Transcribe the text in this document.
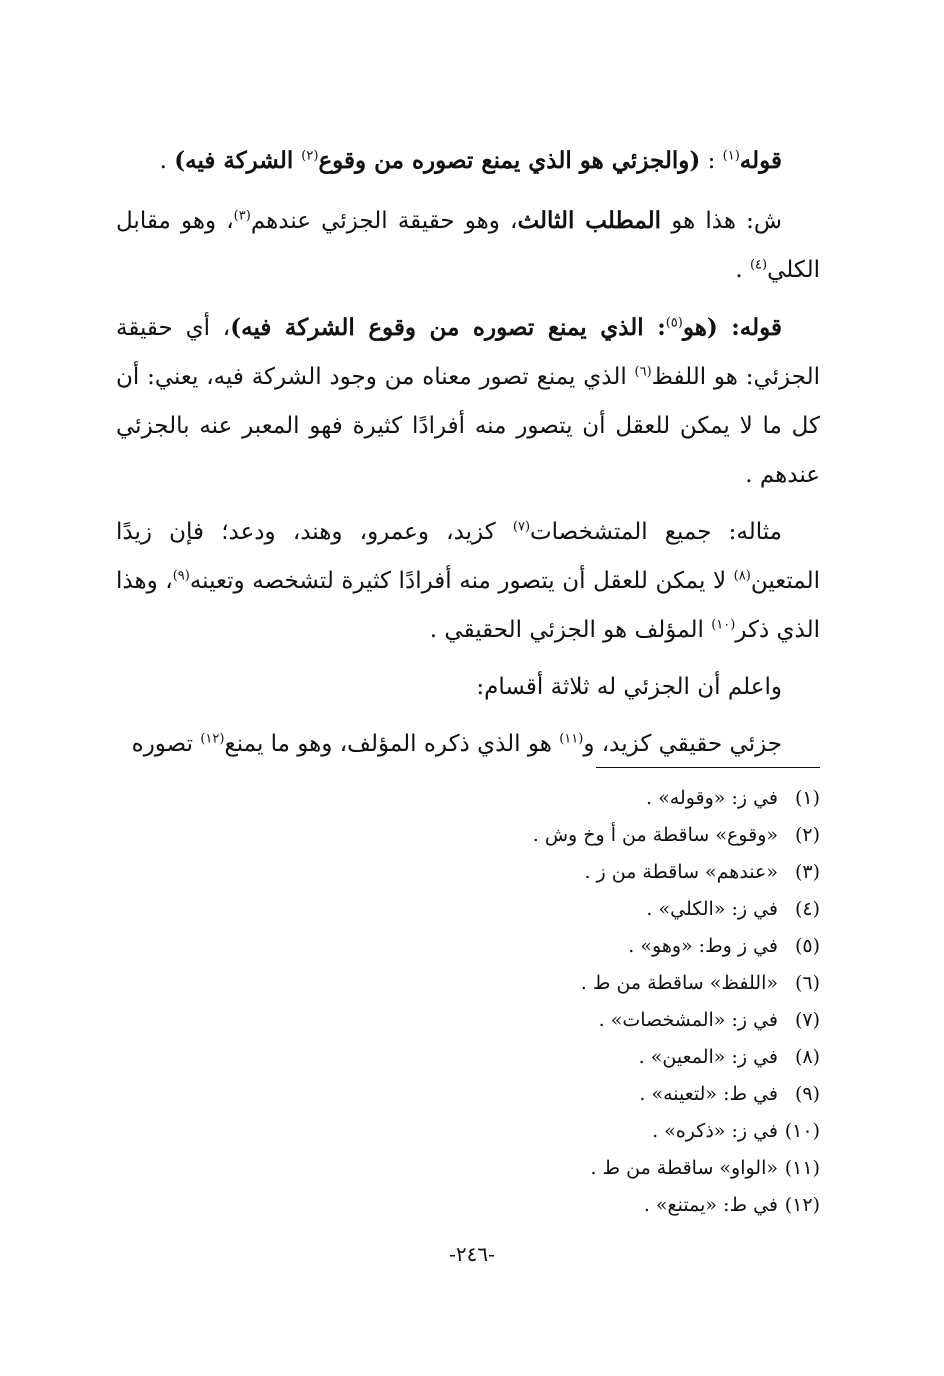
قوله$^{(١)}$ : (والجزئي هو الذي يمنع تصوره من وقوع$^{(٢)}$ الشركة فيه) .

ش: هذا هو المطلب الثالث، وهو حقيقة الجزئي عندهم$^{(٣)}$، وهو مقابل الكلي$^{(٤)}$ .

قوله: (هو$^{(٥)}$: الذي يمنع تصوره من وقوع الشركة فيه)، أي حقيقة الجزئي: هو اللفظ$^{(٦)}$ الذي يمنع تصور معناه من وجود الشركة فيه، يعني: أن كل ما لا يمكن للعقل أن يتصور منه أفرادًا كثيرة فهو المعبر عنه بالجزئي عندهم .

مثاله: جميع المتشخصات$^{(٧)}$ كزيد، وعمرو، وهند، ودعد؛ فإن زيدًا المتعين$^{(٨)}$ لا يمكن للعقل أن يتصور منه أفرادًا كثيرة لتشخصه وتعينه$^{(٩)}$، وهذا الذي ذكر$^{(١٠)}$ المؤلف هو الجزئي الحقيقي .

واعلم أن الجزئي له ثلاثة أقسام:

جزئي حقيقي كزيد، و$^{(١١)}$ هو الذي ذكره المؤلف، وهو ما يمنع$^{(١٢)}$ تصوره

(١)في ز: «وقوله» .
(٢)«وقوع» ساقطة من أ وخ وش .
(٣)«عندهم» ساقطة من ز .
(٤)في ز: «الكلي» .
(٥)في ز وط: «وهو» .
(٦)«اللفظ» ساقطة من ط .
(٧)في ز: «المشخصات» .
(٨)في ز: «المعين» .
(٩)في ط: «لتعينه» .
(١٠)في ز: «ذكره» .
(١١)«الواو» ساقطة من ط .
(١٢)في ط: «يمتنع» .
-٢٤٦-
